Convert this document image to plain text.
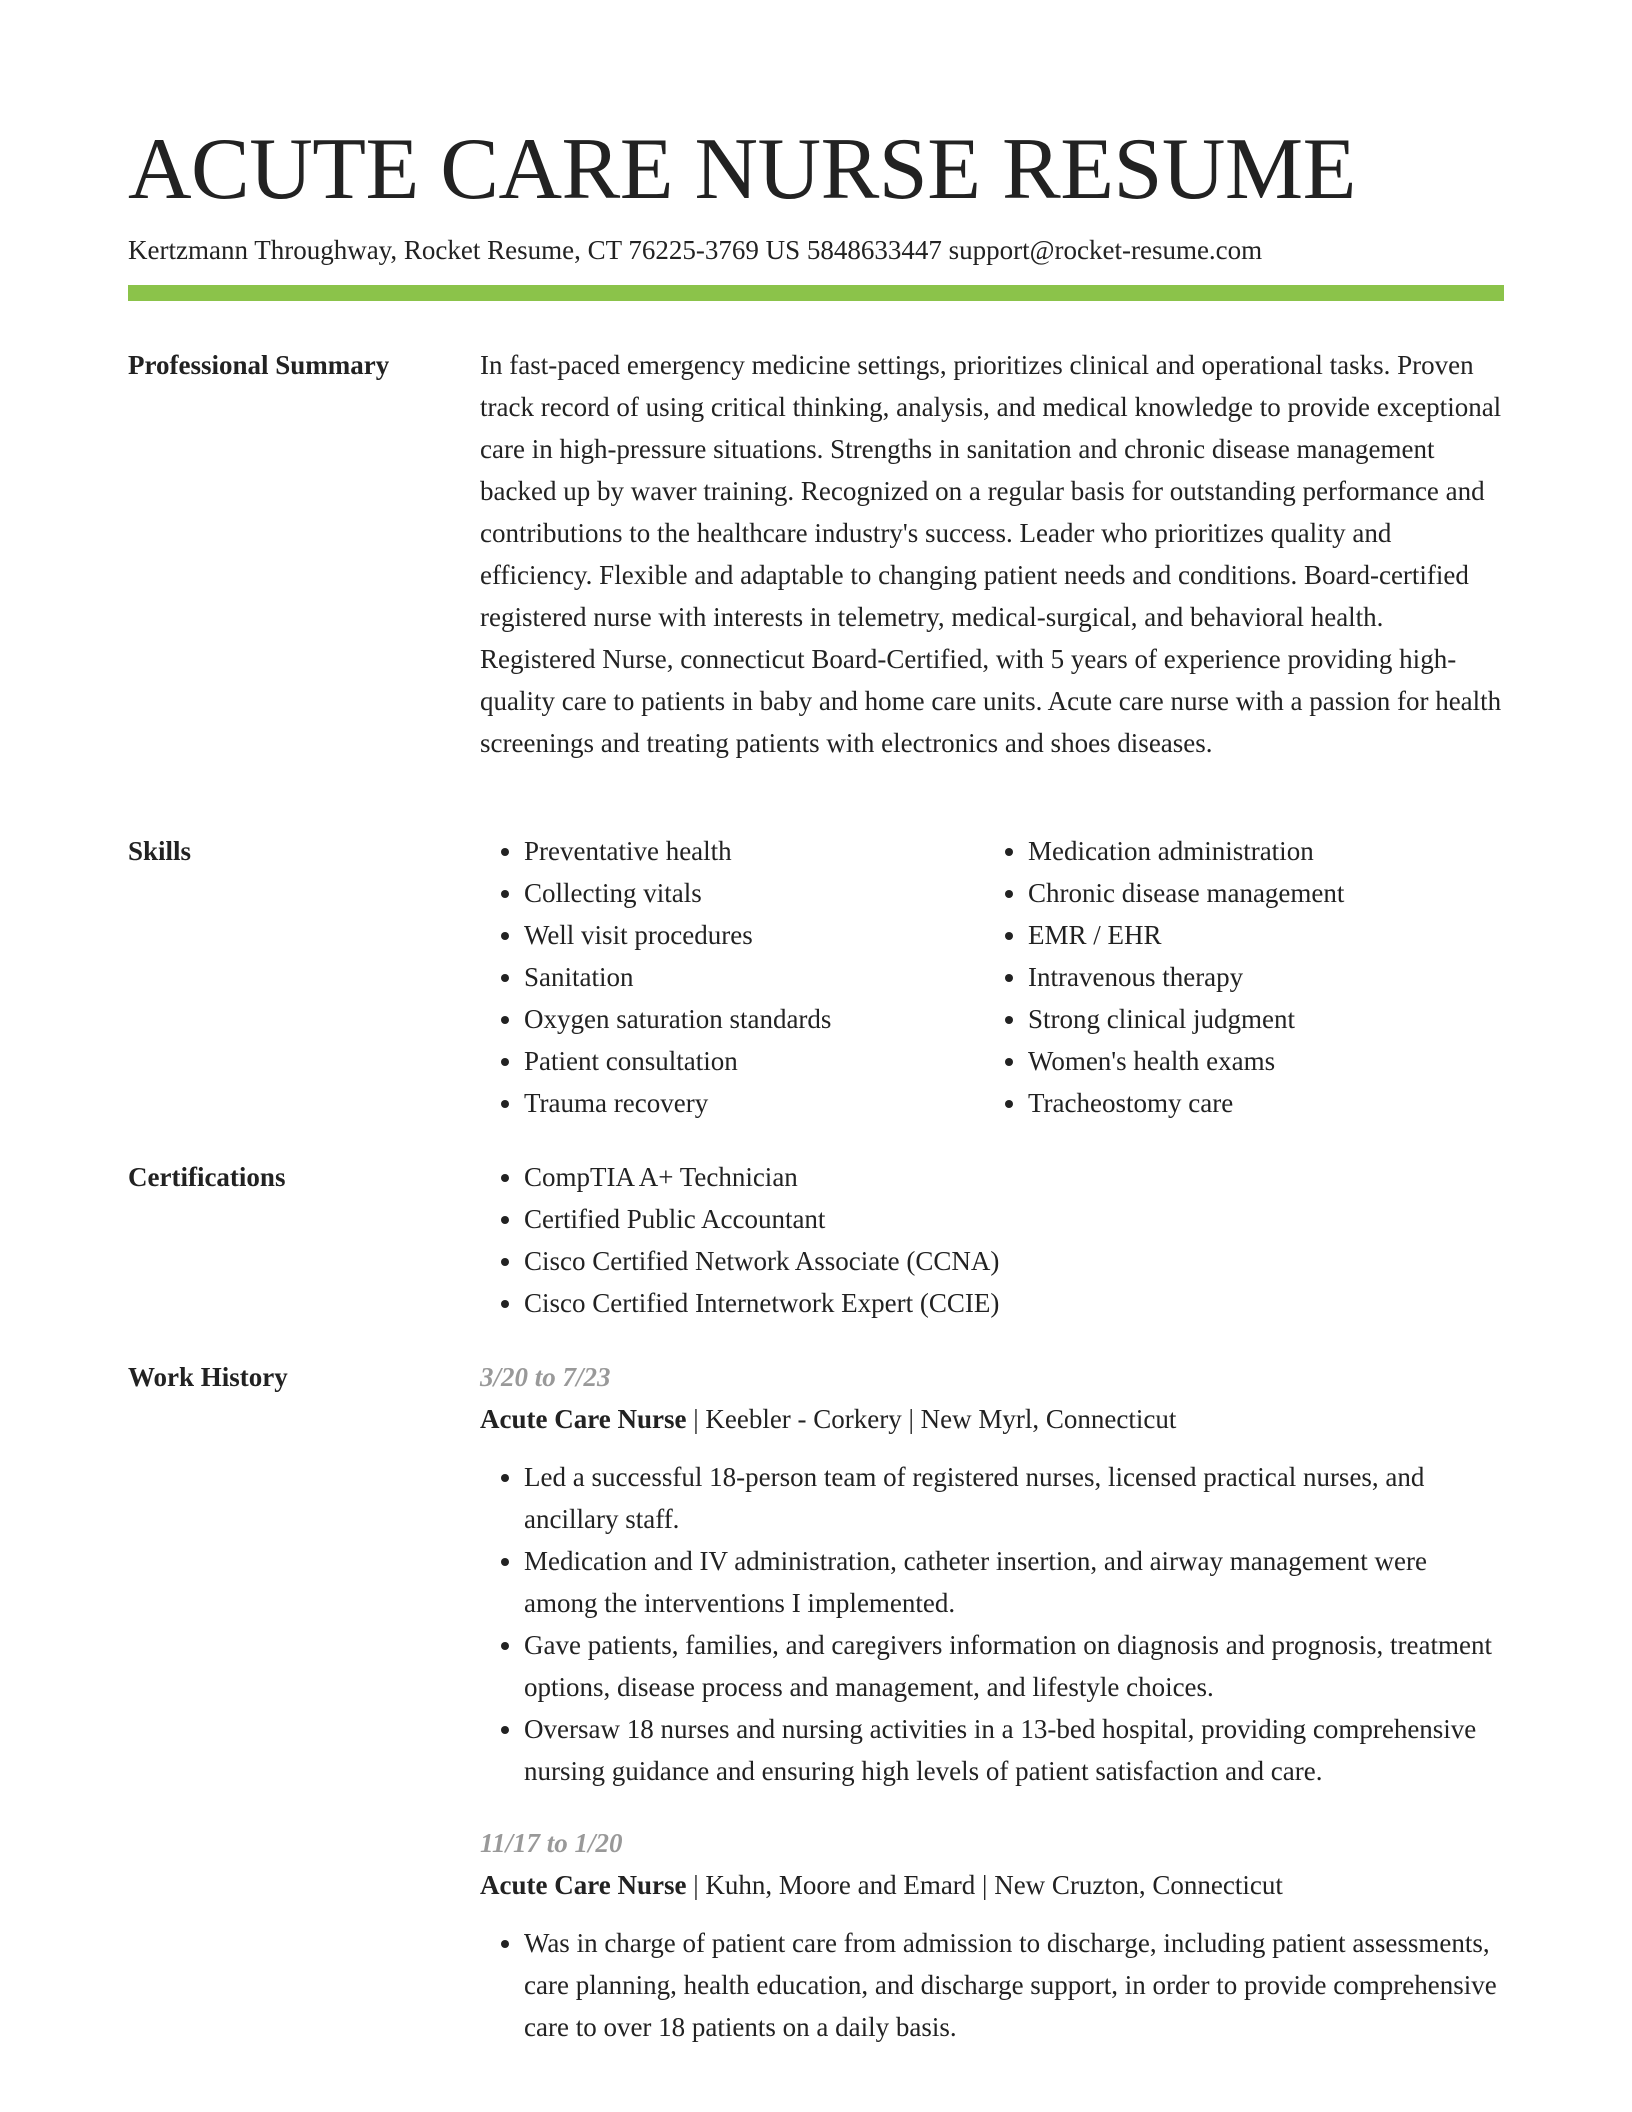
ACUTE CARE NURSE RESUME
Kertzmann Throughway, Rocket Resume, CT 76225-3769 US 5848633447 support@rocket-resume.com
Professional Summary	In fast-paced emergency medicine settings, prioritizes clinical and operational tasks. Proven track record of using critical thinking, analysis, and medical knowledge to provide exceptional care in high-pressure situations. Strengths in sanitation and chronic disease management backed up by waver training. Recognized on a regular basis for outstanding performance and contributions to the healthcare industry's success. Leader who prioritizes quality and efficiency. Flexible and adaptable to changing patient needs and conditions. Board-certified registered nurse with interests in telemetry, medical-surgical, and behavioral health. Registered Nurse, connecticut Board-Certified, with 5 years of experience providing high-quality care to patients in baby and home care units. Acute care nurse with a passion for health screenings and treating patients with electronics and shoes diseases.

Skills	• Preventative health
• Collecting vitals
• Well visit procedures
• Sanitation
• Oxygen saturation standards
• Patient consultation
• Trauma recovery
• Medication administration
• Chronic disease management
• EMR / EHR
• Intravenous therapy
• Strong clinical judgment
• Women's health exams
• Tracheostomy care
Certifications	• CompTIA A+ Technician
• Certified Public Accountant
• Cisco Certified Network Associate (CCNA)
• Cisco Certified Internetwork Expert (CCIE)
Work History	3/20 to 7/23
Acute Care Nurse | Keebler - Corkery | New Myrl, Connecticut
• Led a successful 18-person team of registered nurses, licensed practical nurses, and ancillary staff.
• Medication and IV administration, catheter insertion, and airway management were among the interventions I implemented.
• Gave patients, families, and caregivers information on diagnosis and prognosis, treatment options, disease process and management, and lifestyle choices.
• Oversaw 18 nurses and nursing activities in a 13-bed hospital, providing comprehensive nursing guidance and ensuring high levels of patient satisfaction and care.
11/17 to 1/20
Acute Care Nurse | Kuhn, Moore and Emard | New Cruzton, Connecticut
• Was in charge of patient care from admission to discharge, including patient assessments, care planning, health education, and discharge support, in order to provide comprehensive care to over 18 patients on a daily basis.
